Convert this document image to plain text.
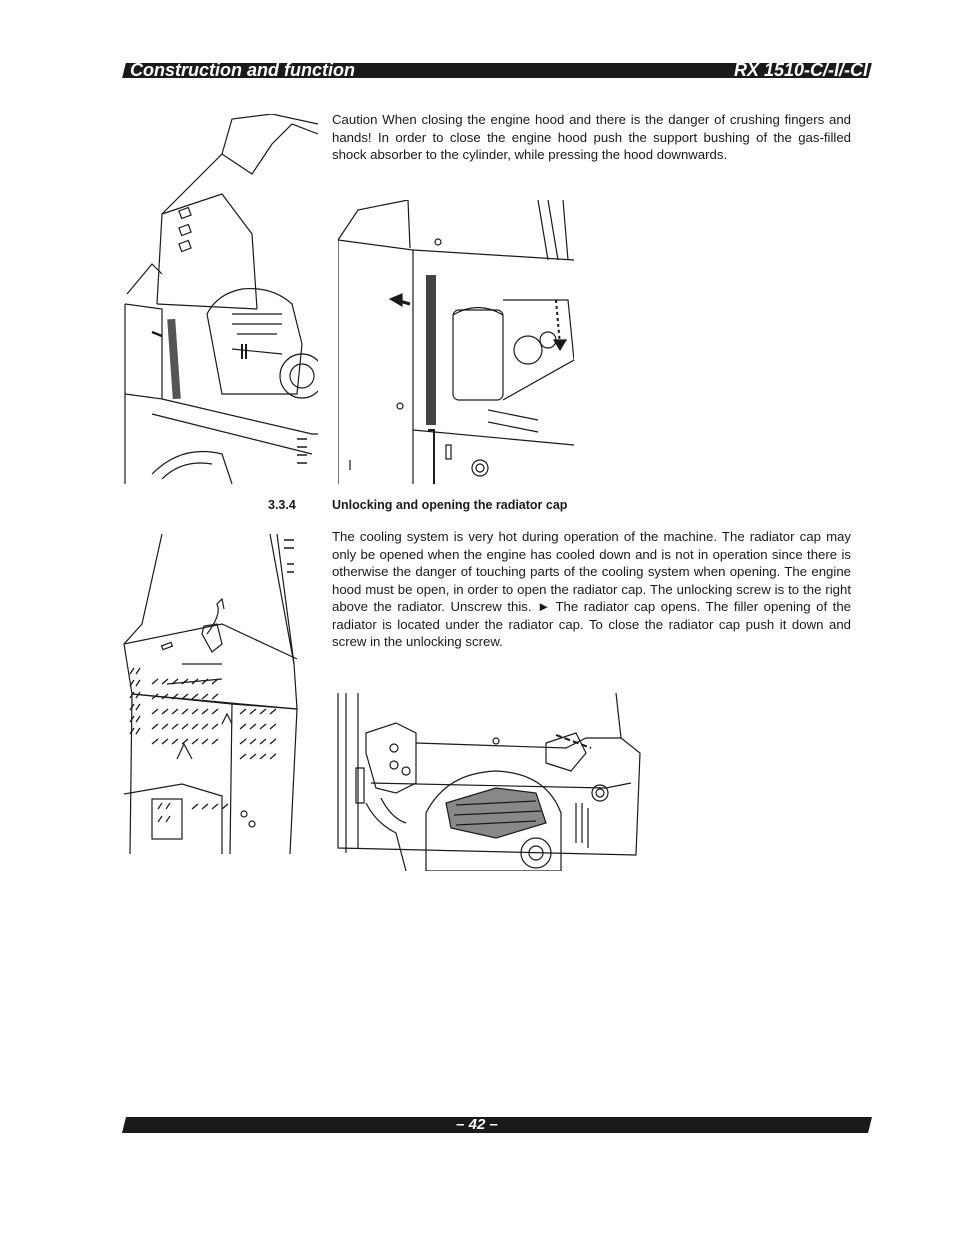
Construction and function	RX 1510-C/-I/-CI

Caution When closing the engine hood and there is the danger of crushing fingers and hands! In order to close the engine hood push the support bushing of the gas-filled shock absorber to the cylinder, while pressing the hood downwards.

3.3.4	Unlocking and opening the radiator cap

The cooling system is very hot during operation of the machine. The radiator cap may only be opened when the engine has cooled down and is not in operation since there is otherwise the danger of touching parts of the cooling system when opening. The engine hood must be open, in order to open the radiator cap. The unlocking screw is to the right above the radiator. Unscrew this. ► The radiator cap opens. The filler opening of the radiator is located under the radiator cap. To close the radiator cap push it down and screw in the unlocking screw.

– 42 –
